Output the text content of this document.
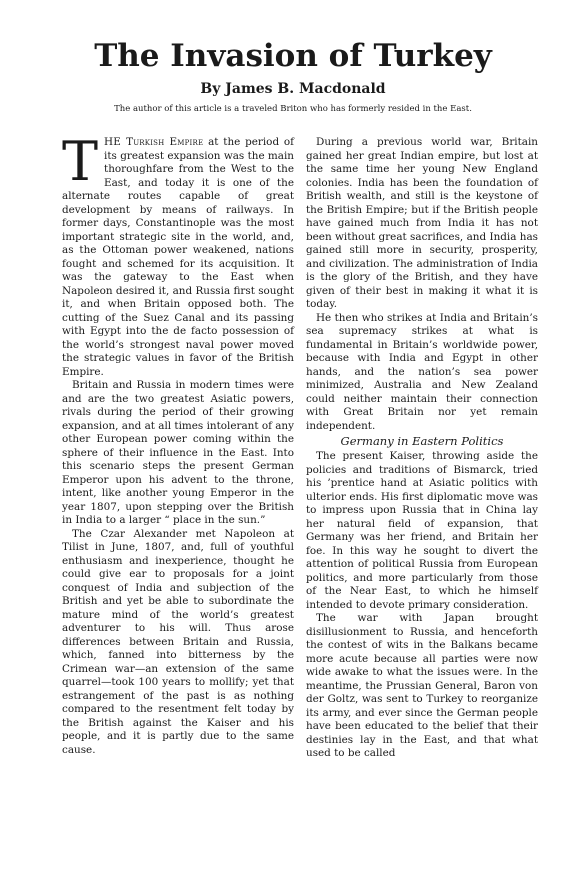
The Invasion of Turkey
By James B. Macdonald
The author of this article is a traveled Briton who has formerly resided in the East.

THE Turkish Empire at the period of its greatest expansion was the main thoroughfare from the West to the East, and today it is one of the alternate routes capable of great development by means of railways. In former days, Constantinople was the most important strategic site in the world, and, as the Ottoman power weakened, nations fought and schemed for its acquisition. It was the gateway to the East when Napoleon desired it, and Russia first sought it, and when Britain opposed both. The cutting of the Suez Canal and its passing with Egypt into the de facto possession of the world’s strongest naval power moved the strategic values in favor of the British Empire.

Britain and Russia in modern times were and are the two greatest Asiatic powers, rivals during the period of their growing expansion, and at all times intolerant of any other European power coming within the sphere of their influence in the East. Into this scenario steps the present German Emperor upon his advent to the throne, intent, like another young Emperor in the year 1807, upon stepping over the British in India to a larger “ place in the sun.”

The Czar Alexander met Napoleon at Tilist in June, 1807, and, full of youthful enthusiasm and inexperience, thought he could give ear to proposals for a joint conquest of India and subjection of the British and yet be able to subordinate the mature mind of the world’s greatest adventurer to his will. Thus arose differences between Britain and Russia, which, fanned into bitterness by the Crimean war—an extension of the same quarrel—took 100 years to mollify; yet that estrangement of the past is as nothing compared to the resentment felt today by the British against the Kaiser and his people, and it is partly due to the same cause.

During a previous world war, Britain gained her great Indian empire, but lost at the same time her young New England colonies. India has been the foundation of British wealth, and still is the keystone of the British Empire; but if the British people have gained much from India it has not been without great sacrifices, and India has gained still more in security, prosperity, and civilization. The administration of India is the glory of the British, and they have given of their best in making it what it is today.

He then who strikes at India and Britain’s sea supremacy strikes at what is fundamental in Britain’s worldwide power, because with India and Egypt in other hands, and the nation’s sea power minimized, Australia and New Zealand could neither maintain their connection with Great Britain nor yet remain independent.

Germany in Eastern Politics

The present Kaiser, throwing aside the policies and traditions of Bismarck, tried his ’prentice hand at Asiatic politics with ulterior ends. His first diplomatic move was to impress upon Russia that in China lay her natural field of expansion, that Germany was her friend, and Britain her foe. In this way he sought to divert the attention of political Russia from European politics, and more particularly from those of the Near East, to which he himself intended to devote primary consideration.

The war with Japan brought disillusionment to Russia, and henceforth the contest of wits in the Balkans became more acute because all parties were now wide awake to what the issues were. In the meantime, the Prussian General, Baron von der Goltz, was sent to Turkey to reorganize its army, and ever since the German people have been educated to the belief that their destinies lay in the East, and that what used to be called
